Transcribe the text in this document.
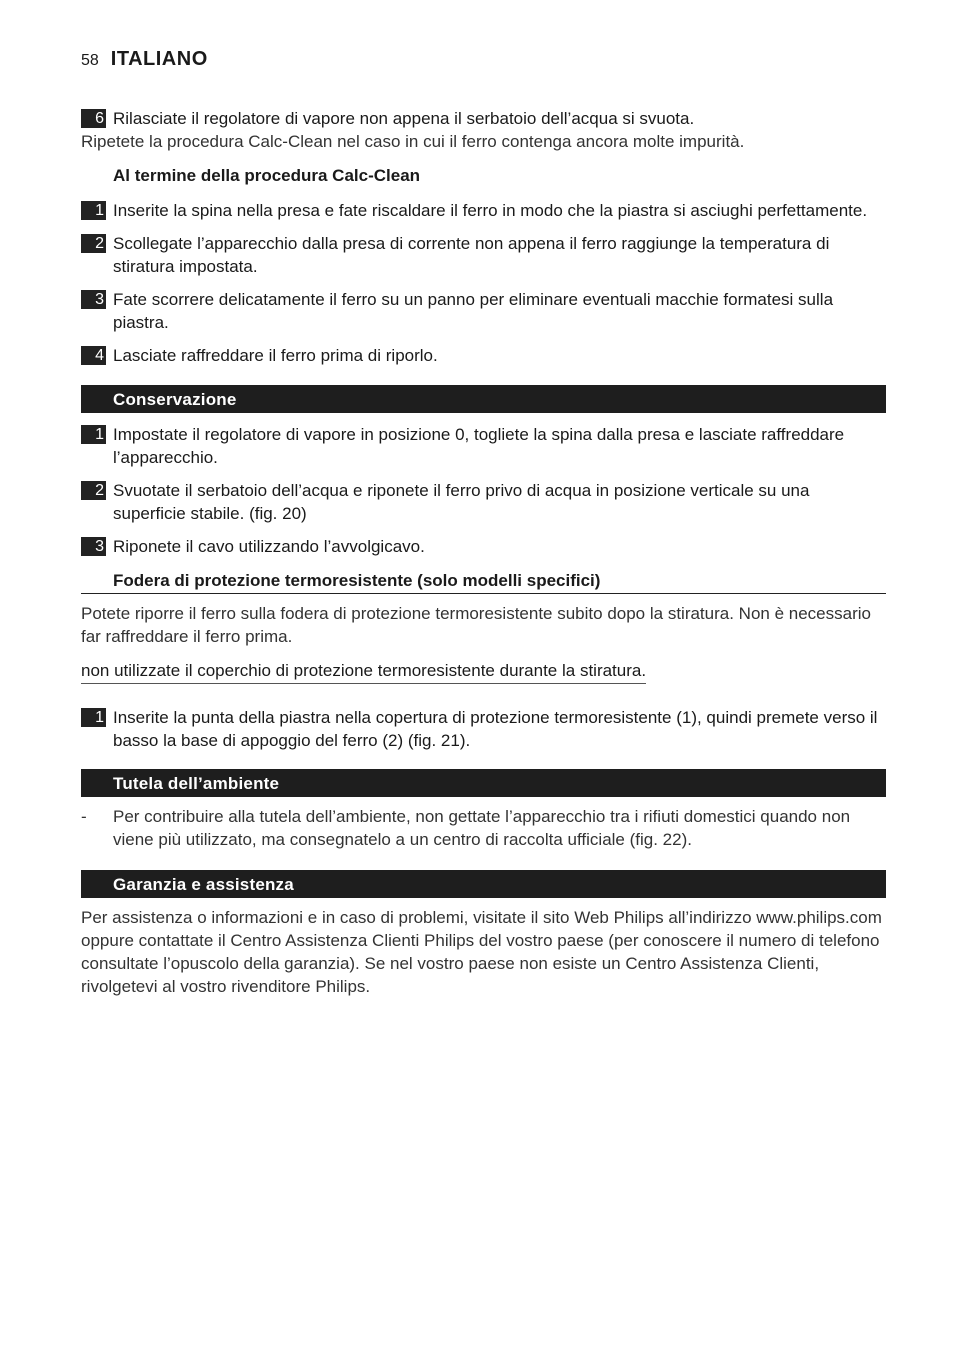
58 ITALIANO
6 Rilasciate il regolatore di vapore non appena il serbatoio dell’acqua si svuota.
Ripetete la procedura Calc-Clean nel caso in cui il ferro contenga ancora molte impurità.
Al termine della procedura Calc-Clean
1 Inserite la spina nella presa e fate riscaldare il ferro in modo che la piastra si asciughi perfettamente.
2 Scollegate l’apparecchio dalla presa di corrente non appena il ferro raggiunge la temperatura di stiratura impostata.
3 Fate scorrere delicatamente il ferro su un panno per eliminare eventuali macchie formatesi sulla piastra.
4 Lasciate raffreddare il ferro prima di riporlo.
Conservazione
1 Impostate il regolatore di vapore in posizione 0, togliete la spina dalla presa e lasciate raffreddare l’apparecchio.
2 Svuotate il serbatoio dell’acqua e riponete il ferro privo di acqua in posizione verticale su una superficie stabile. (fig. 20)
3 Riponete il cavo utilizzando l’avvolgicavo.
Fodera di protezione termoresistente (solo modelli specifici)
Potete riporre il ferro sulla fodera di protezione termoresistente subito dopo la stiratura. Non è necessario far raffreddare il ferro prima.
non utilizzate il coperchio di protezione termoresistente durante la stiratura.
1 Inserite la punta della piastra nella copertura di protezione termoresistente (1), quindi premete verso il basso la base di appoggio del ferro (2) (fig. 21).
Tutela dell’ambiente
-	Per contribuire alla tutela dell’ambiente, non gettate l’apparecchio tra i rifiuti domestici quando non viene più utilizzato, ma consegnatelo a un centro di raccolta ufficiale (fig. 22).
Garanzia e assistenza
Per assistenza o informazioni e in caso di problemi, visitate il sito Web Philips all’indirizzo www.philips.com oppure contattate il Centro Assistenza Clienti Philips del vostro paese (per conoscere il numero di telefono consultate l’opuscolo della garanzia). Se nel vostro paese non esiste un Centro Assistenza Clienti, rivolgetevi al vostro rivenditore Philips.
